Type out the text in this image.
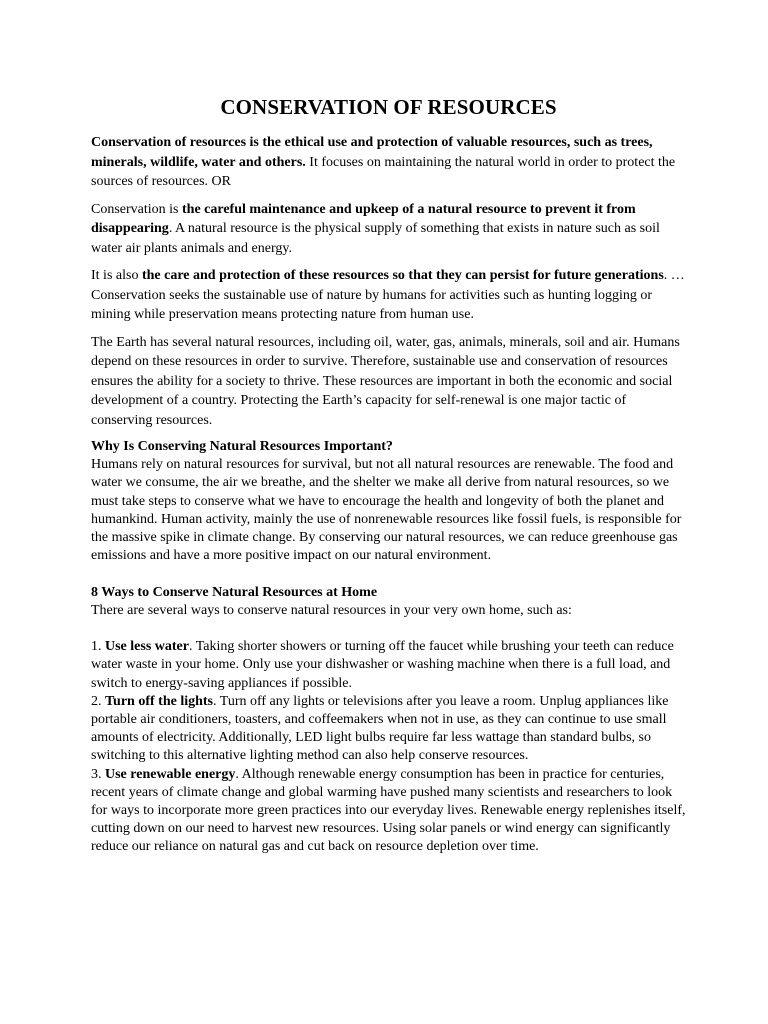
CONSERVATION OF RESOURCES

Conservation of resources is the ethical use and protection of valuable resources, such as trees, minerals, wildlife, water and others. It focuses on maintaining the natural world in order to protect the sources of resources. OR

Conservation is the careful maintenance and upkeep of a natural resource to prevent it from disappearing. A natural resource is the physical supply of something that exists in nature such as soil water air plants animals and energy.

It is also the care and protection of these resources so that they can persist for future generations. … Conservation seeks the sustainable use of nature by humans for activities such as hunting logging or mining while preservation means protecting nature from human use.

The Earth has several natural resources, including oil, water, gas, animals, minerals, soil and air. Humans depend on these resources in order to survive. Therefore, sustainable use and conservation of resources ensures the ability for a society to thrive. These resources are important in both the economic and social development of a country. Protecting the Earth’s capacity for self-renewal is one major tactic of conserving resources.

Why Is Conserving Natural Resources Important?

Humans rely on natural resources for survival, but not all natural resources are renewable. The food and water we consume, the air we breathe, and the shelter we make all derive from natural resources, so we must take steps to conserve what we have to encourage the health and longevity of both the planet and humankind. Human activity, mainly the use of nonrenewable resources like fossil fuels, is responsible for the massive spike in climate change. By conserving our natural resources, we can reduce greenhouse gas emissions and have a more positive impact on our natural environment.

8 Ways to Conserve Natural Resources at Home

There are several ways to conserve natural resources in your very own home, such as:

1. Use less water. Taking shorter showers or turning off the faucet while brushing your teeth can reduce water waste in your home. Only use your dishwasher or washing machine when there is a full load, and switch to energy-saving appliances if possible.

2. Turn off the lights. Turn off any lights or televisions after you leave a room. Unplug appliances like portable air conditioners, toasters, and coffeemakers when not in use, as they can continue to use small amounts of electricity. Additionally, LED light bulbs require far less wattage than standard bulbs, so switching to this alternative lighting method can also help conserve resources.

3. Use renewable energy. Although renewable energy consumption has been in practice for centuries, recent years of climate change and global warming have pushed many scientists and researchers to look for ways to incorporate more green practices into our everyday lives. Renewable energy replenishes itself, cutting down on our need to harvest new resources. Using solar panels or wind energy can significantly reduce our reliance on natural gas and cut back on resource depletion over time.
